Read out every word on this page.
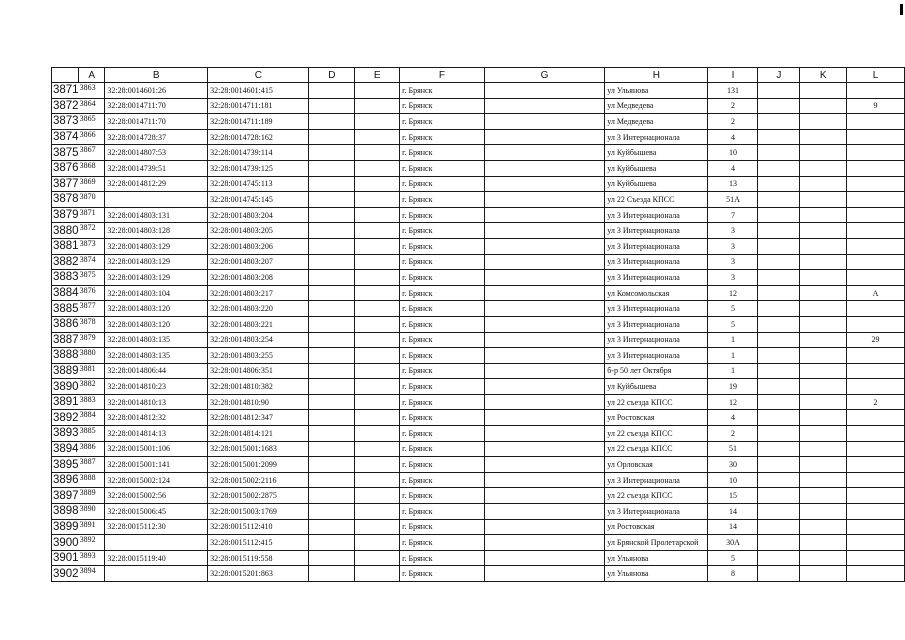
	A	B	C	D	E	F	G	H	I	J	K	L
3871	3863	32:28:0014601:26	32:28:0014601:415			г. Брянск		ул Ульянова	131			
3872	3864	32:28:0014711:70	32:28:0014711:181			г. Брянск		ул Медведева	2			9
3873	3865	32:28:0014711:70	32:28:0014711:189			г. Брянск		ул Медведева	2			
3874	3866	32:28:0014728:37	32:28:0014728:162			г. Брянск		ул 3 Интернационала	4			
3875	3867	32:28:0014807:53	32:28:0014739:114			г. Брянск		ул Куйбышева	10			
3876	3868	32:28:0014739:51	32:28:0014739:125			г. Брянск		ул Куйбышева	4			
3877	3869	32:28:0014812:29	32:28:0014745:113			г. Брянск		ул Куйбышева	13			
3878	3870		32:28:0014745:145			г. Брянск		ул 22 Съезда КПСС	51А			
3879	3871	32:28:0014803:131	32:28:0014803:204			г. Брянск		ул 3 Интернационала	7			
3880	3872	32:28:0014803:128	32:28:0014803:205			г. Брянск		ул 3 Интернационала	3			
3881	3873	32:28:0014803:129	32:28:0014803:206			г. Брянск		ул 3 Интернационала	3			
3882	3874	32:28:0014803:129	32:28:0014803:207			г. Брянск		ул 3 Интернационала	3			
3883	3875	32:28:0014803:129	32:28:0014803:208			г. Брянск		ул 3 Интернационала	3			
3884	3876	32:28:0014803:104	32:28:0014803:217			г. Брянск		ул Комсомольская	12			А
3885	3877	32:28:0014803:120	32:28:0014803:220			г. Брянск		ул 3 Интернационала	5			
3886	3878	32:28:0014803:120	32:28:0014803:221			г. Брянск		ул 3 Интернационала	5			
3887	3879	32:28:0014803:135	32:28:0014803:254			г. Брянск		ул 3 Интернационала	1			29
3888	3880	32:28:0014803:135	32:28:0014803:255			г. Брянск		ул 3 Интернационала	1			
3889	3881	32:28:0014806:44	32:28:0014806:351			г. Брянск		б-р 50 лет Октября	1			
3890	3882	32:28:0014810:23	32:28:0014810:382			г. Брянск		ул Куйбышева	19			
3891	3883	32:28:0014810:13	32:28:0014810:90			г. Брянск		ул 22 съезда КПСС	12			2
3892	3884	32:28:0014812:32	32:28:0014812:347			г. Брянск		ул Ростовская	4			
3893	3885	32:28:0014814:13	32:28:0014814:121			г. Брянск		ул 22 съезда КПСС	2			
3894	3886	32:28:0015001:106	32:28:0015001:1683			г. Брянск		ул 22 съезда КПСС	51			
3895	3887	32:28:0015001:141	32:28:0015001:2099			г. Брянск		ул Орловская	30			
3896	3888	32:28:0015002:124	32:28:0015002:2116			г. Брянск		ул 3 Интернационала	10			
3897	3889	32:28:0015002:56	32:28:0015002:2875			г. Брянск		ул 22 съезда КПСС	15			
3898	3890	32:28:0015006:45	32:28:0015003:1769			г. Брянск		ул 3 Интернационала	14			
3899	3891	32:28:0015112:30	32:28:0015112:410			г. Брянск		ул Ростовская	14			
3900	3892		32:28:0015112:415			г. Брянск		ул Брянской Пролетарской	30А			
3901	3893	32:28:0015119:40	32:28:0015119:558			г. Брянск		ул Ульянова	5			
3902	3894		32:28:0015201:863			г. Брянск		ул Ульянова	8			
